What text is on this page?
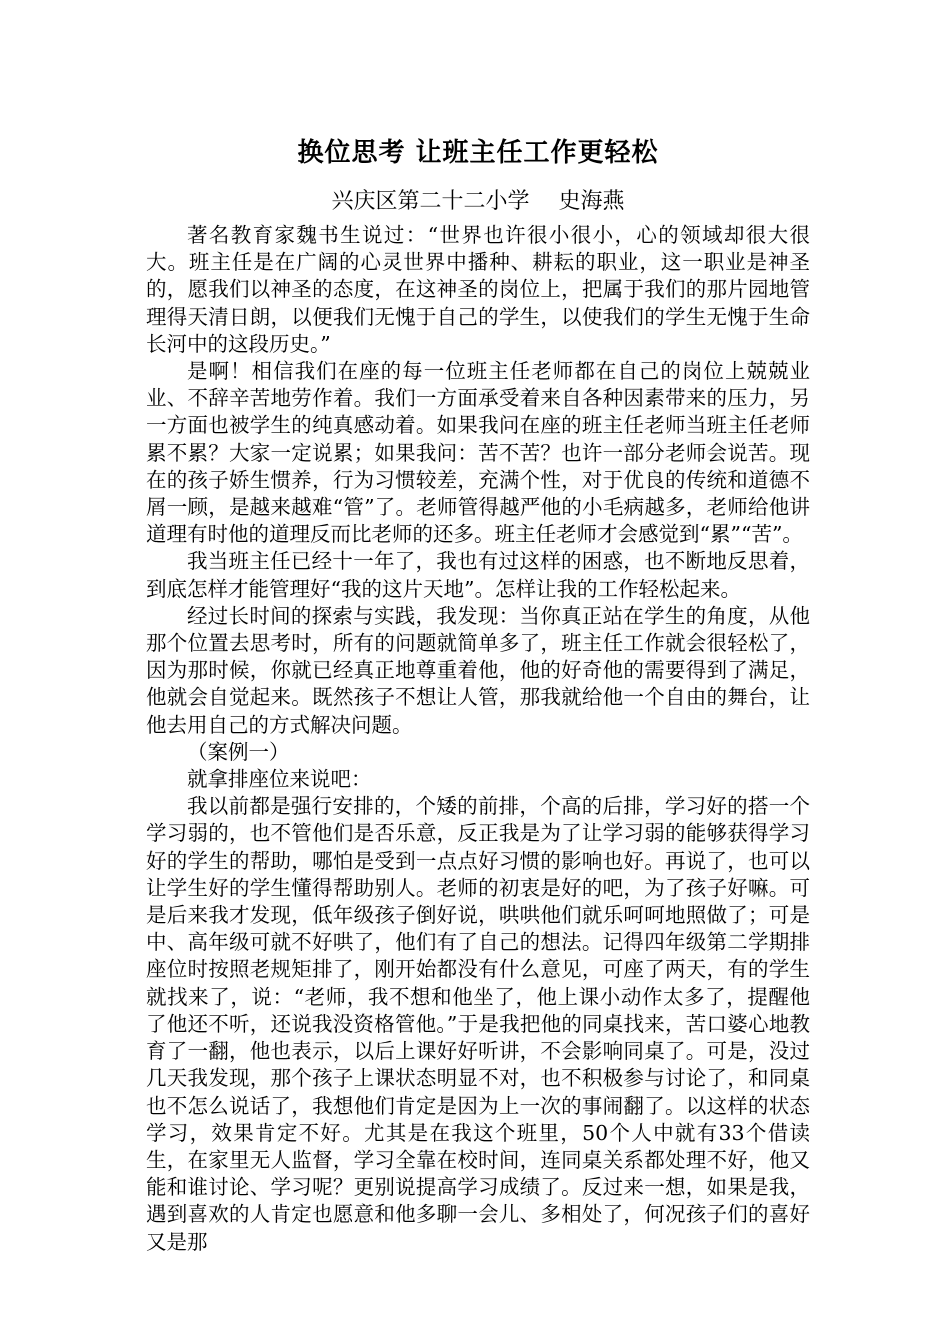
换位思考 让班主任工作更轻松
兴庆区第二十二小学　 史海燕

著名教育家魏书生说过：“世界也许很小很小，心的领域却很大很大。班主任是在广阔的心灵世界中播种、耕耘的职业，这一职业是神圣的，愿我们以神圣的态度，在这神圣的岗位上，把属于我们的那片园地管理得天清日朗，以便我们无愧于自己的学生，以使我们的学生无愧于生命长河中的这段历史。”

是啊！相信我们在座的每一位班主任老师都在自己的岗位上兢兢业业、不辞辛苦地劳作着。我们一方面承受着来自各种因素带来的压力，另一方面也被学生的纯真感动着。如果我问在座的班主任老师当班主任老师累不累？大家一定说累；如果我问：苦不苦？也许一部分老师会说苦。现在的孩子娇生惯养，行为习惯较差，充满个性，对于优良的传统和道德不屑一顾，是越来越难“管”了。老师管得越严他的小毛病越多，老师给他讲道理有时他的道理反而比老师的还多。班主任老师才会感觉到“累”“苦”。

我当班主任已经十一年了，我也有过这样的困惑，也不断地反思着，到底怎样才能管理好“我的这片天地”。怎样让我的工作轻松起来。

经过长时间的探索与实践，我发现：当你真正站在学生的角度，从他那个位置去思考时，所有的问题就简单多了，班主任工作就会很轻松了，因为那时候，你就已经真正地尊重着他，他的好奇他的需要得到了满足，他就会自觉起来。既然孩子不想让人管，那我就给他一个自由的舞台，让他去用自己的方式解决问题。

（案例一）

就拿排座位来说吧：

我以前都是强行安排的，个矮的前排，个高的后排，学习好的搭一个学习弱的，也不管他们是否乐意，反正我是为了让学习弱的能够获得学习好的学生的帮助，哪怕是受到一点点好习惯的影响也好。再说了，也可以让学生好的学生懂得帮助别人。老师的初衷是好的吧，为了孩子好嘛。可是后来我才发现，低年级孩子倒好说，哄哄他们就乐呵呵地照做了；可是中、高年级可就不好哄了，他们有了自己的想法。记得四年级第二学期排座位时按照老规矩排了，刚开始都没有什么意见，可座了两天，有的学生就找来了，说：“老师，我不想和他坐了，他上课小动作太多了，提醒他了他还不听，还说我没资格管他。”于是我把他的同桌找来，苦口婆心地教育了一翻，他也表示，以后上课好好听讲，不会影响同桌了。可是，没过几天我发现，那个孩子上课状态明显不对，也不积极参与讨论了，和同桌也不怎么说话了，我想他们肯定是因为上一次的事闹翻了。以这样的状态学习，效果肯定不好。尤其是在我这个班里，50个人中就有33个借读生，在家里无人监督，学习全靠在校时间，连同桌关系都处理不好，他又能和谁讨论、学习呢？更别说提高学习成绩了。反过来一想，如果是我，遇到喜欢的人肯定也愿意和他多聊一会儿、多相处了，何况孩子们的喜好又是那
